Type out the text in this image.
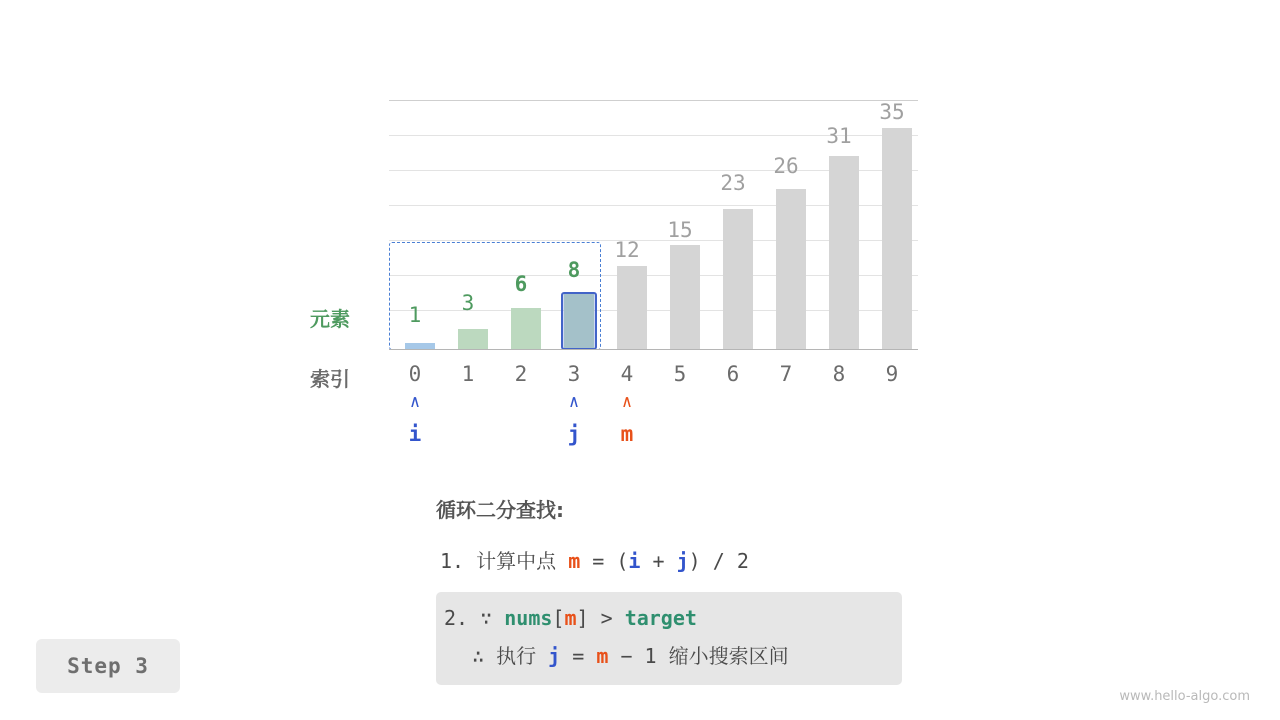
1	3
6
8
12
15
23
26
31
35
元素
索引	0	1	2	3	4	5	6	7	8	9
∧
i
∧
j
∧
m
循环二分查找:
1. 计算中点 m = (i + j) / 2
2. ∵ nums[m] > target
∴ 执行 j = m − 1 缩小搜索区间
Step 3
www.hello-algo.com
